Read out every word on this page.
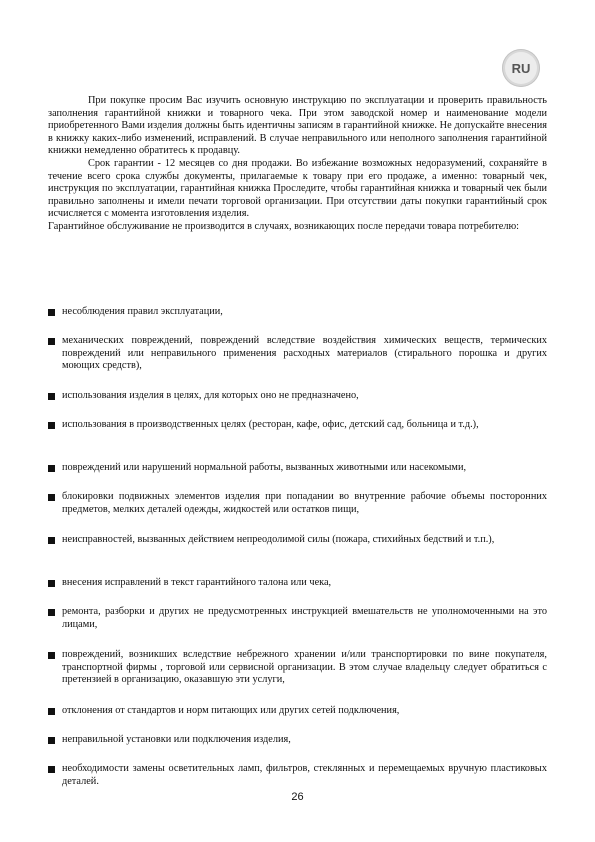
RU

При покупке просим Вас изучить основную инструкцию по эксплуатации и проверить правильность заполнения гарантийной книжки и товарного чека. При этом заводской номер и наименование модели приобретенного Вами изделия должны быть идентичны записям в гарантийной книжке. Не допускайте внесения в книжку каких-либо изменений, исправлений. В случае неправильного или неполного заполнения гарантийной книжки немедленно обратитесь к продавцу.

Срок гарантии - 12 месяцев со дня продажи. Во избежание возможных недоразумений, сохраняйте в течение всего срока службы документы, прилагаемые к товару при его продаже, а именно: товарный чек, инструкция по эксплуатации, гарантийная книжка Проследите, чтобы гарантийная книжка и товарный чек были правильно заполнены и имели печати торговой организации. При отсутствии даты покупки гарантийный срок исчисляется с момента изготовления изделия.

Гарантийное обслуживание не производится в случаях, возникающих после передачи товара потребителю:

несоблюдения правил эксплуатации,
механических повреждений, повреждений вследствие воздействия химических веществ, термических повреждений или неправильного применения расходных материалов (стирального порошка и других моющих средств),
использования изделия в целях, для которых оно не предназначено,
использования в производственных целях (ресторан, кафе, офис, детский сад, больница и т.д.),
повреждений или нарушений нормальной работы, вызванных животными или насекомыми,
блокировки подвижных элементов изделия при попадании во внутренние рабочие объемы посторонних предметов, мелких деталей одежды, жидкостей или остатков пищи,
неисправностей, вызванных действием непреодолимой силы (пожара, стихийных бедствий и т.п.),
внесения исправлений в текст гарантийного талона или чека,
ремонта, разборки и других не предусмотренных инструкцией вмешательств не уполномоченными на это лицами,
повреждений, возникших вследствие небрежного хранении и/или транспортировки по вине покупателя, транспортной фирмы , торговой или сервисной организации. В этом случае владельцу следует обратиться с претензией в организацию, оказавшую эти услуги,
отклонения от стандартов и норм питающих или других сетей подключения,
неправильной установки или подключения изделия,
необходимости замены осветительных ламп, фильтров, стеклянных и перемещаемых вручную пластиковых деталей.
26
